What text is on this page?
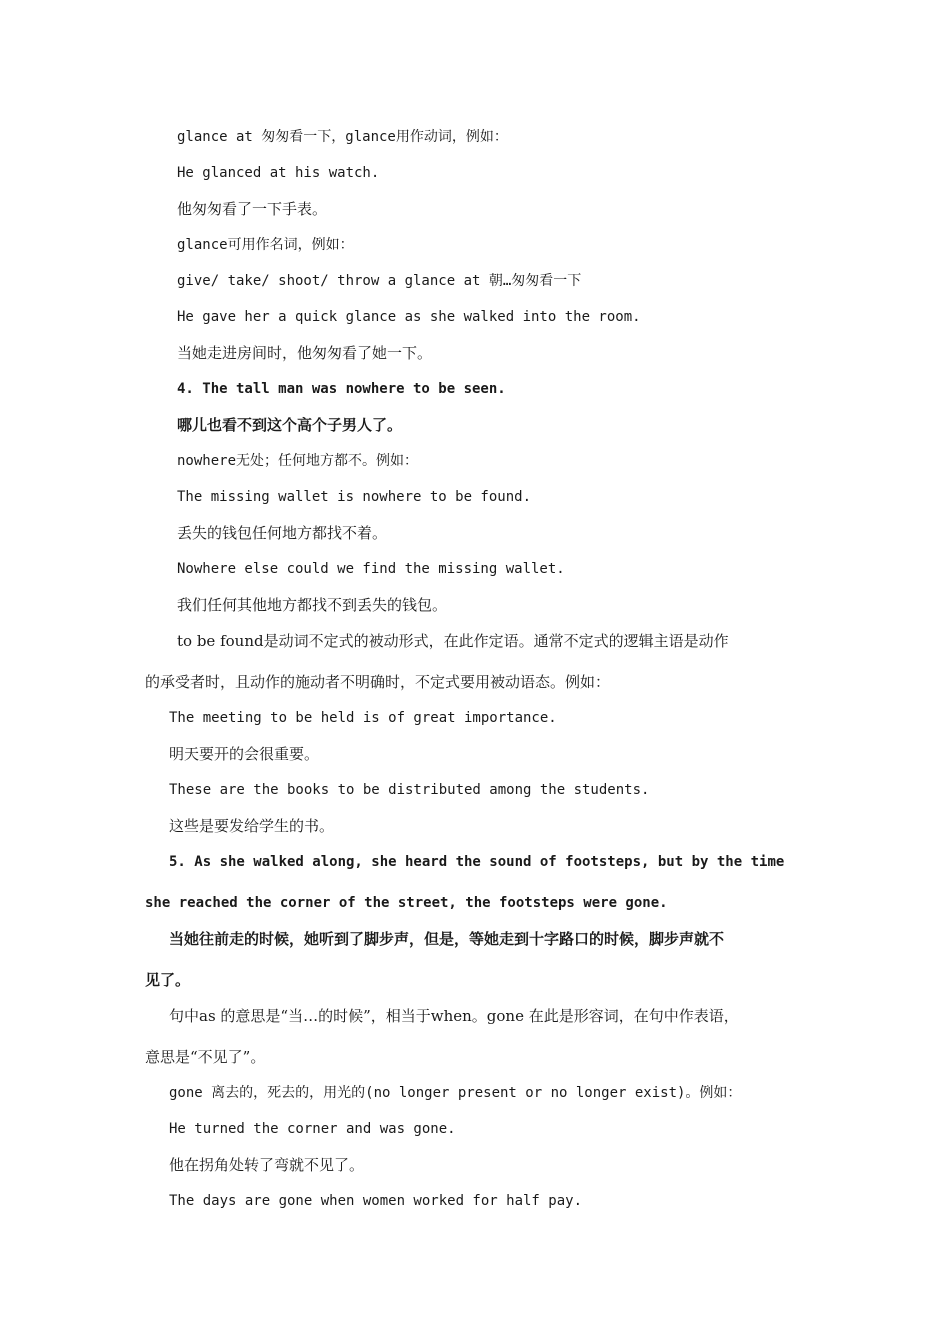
glance at 匆匆看一下，glance用作动词，例如：

He glanced at his watch.

他匆匆看了一下手表。

glance可用作名词，例如：

give/ take/ shoot/ throw a glance at 朝…匆匆看一下

He gave her a quick glance as she walked into the room.

当她走进房间时，他匆匆看了她一下。

4. The tall man was nowhere to be seen.

哪儿也看不到这个高个子男人了。

nowhere无处；任何地方都不。例如：

The missing wallet is nowhere to be found.

丢失的钱包任何地方都找不着。

Nowhere else could we find the missing wallet.

我们任何其他地方都找不到丢失的钱包。

to be found是动词不定式的被动形式，在此作定语。通常不定式的逻辑主语是动作

的承受者时，且动作的施动者不明确时，不定式要用被动语态。例如：

The meeting to be held is of great importance.

明天要开的会很重要。

These are the books to be distributed among the students.

这些是要发给学生的书。

5. As she walked along, she heard the sound of footsteps, but by the time

she reached the corner of the street, the footsteps were gone.

当她往前走的时候，她听到了脚步声，但是，等她走到十字路口的时候，脚步声就不

见了。

句中as 的意思是“当…的时候”，相当于when。gone 在此是形容词，在句中作表语，

意思是“不见了”。

gone 离去的，死去的，用光的(no longer present or no longer exist)。例如：

He turned the corner and was gone.

他在拐角处转了弯就不见了。

The days are gone when women worked for half pay.
